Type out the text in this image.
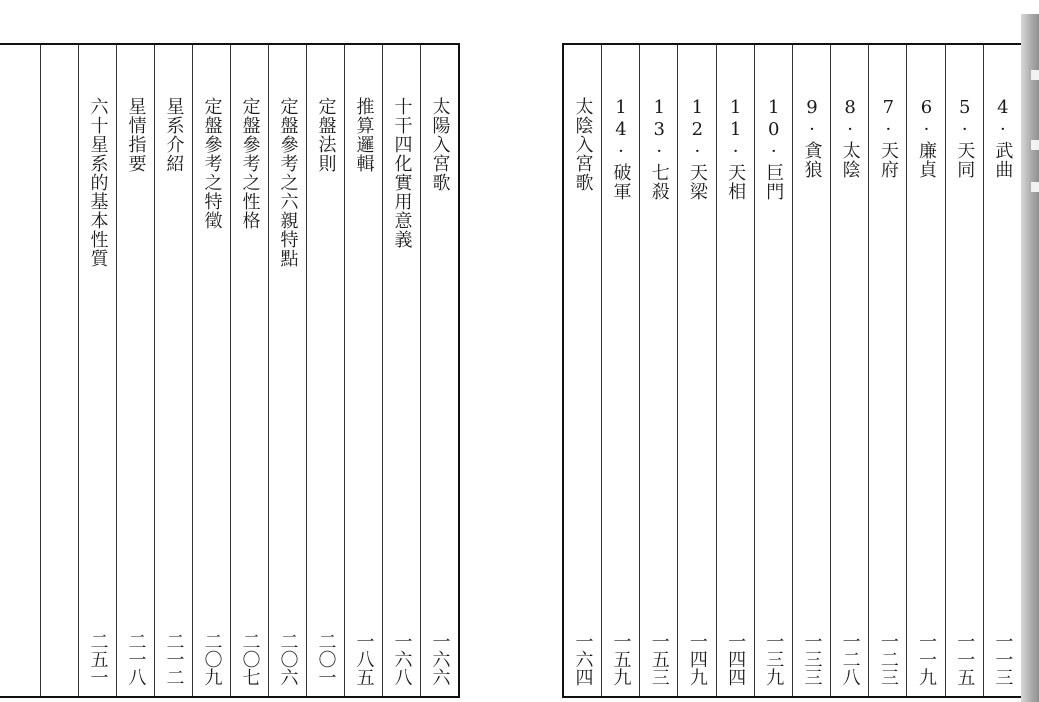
太陽入宮歌
一六六
十干四化實用意義
一六八
推算邏輯
一八五
定盤法則
二〇一
定盤參考之六親特點
二〇六
定盤參考之性格
二〇七
定盤參考之特徵
二〇九
星系介紹
二一二
星情指要
二一八
六十星系的基本性質
二五一
4·武曲
一一三
5·天同
一一五
6·廉貞
一一九
7·天府
一二三
8·太陰
一二八
9·貪狼
一三三
10·巨門
一三九
11·天相
一四四
12·天梁
一四九
13·七殺
一五三
14·破軍
一五九
太陰入宮歌
一六四
